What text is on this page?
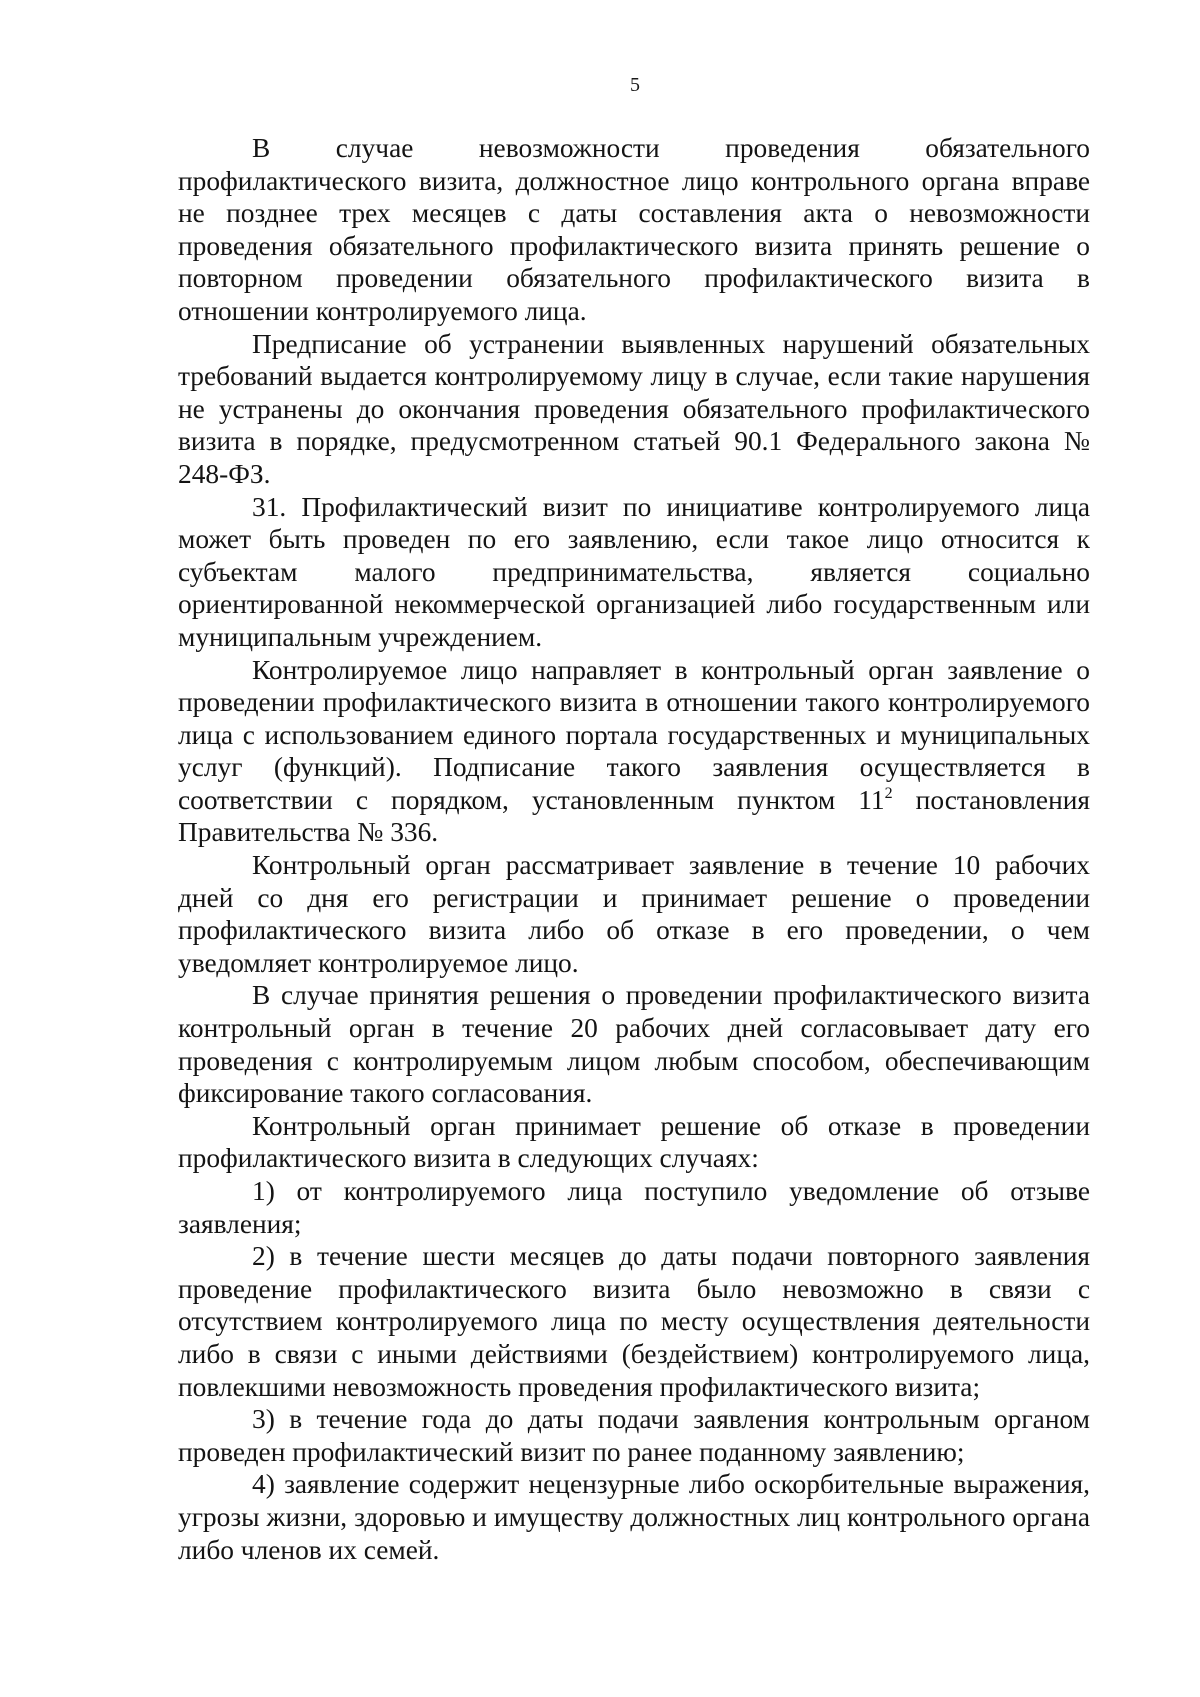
5

В случае невозможности проведения обязательного профилактического визита, должностное лицо контрольного органа вправе не позднее трех месяцев с даты составления акта о невозможности проведения обязательного профилактического визита принять решение о повторном проведении обязательного профилактического визита в отношении контролируемого лица.

Предписание об устранении выявленных нарушений обязательных требований выдается контролируемому лицу в случае, если такие нарушения не устранены до окончания проведения обязательного профилактического визита в порядке, предусмотренном статьей 90.1 Федерального закона № 248-ФЗ.

31. Профилактический визит по инициативе контролируемого лица может быть проведен по его заявлению, если такое лицо относится к субъектам малого предпринимательства, является социально ориентированной некоммерческой организацией либо государственным или муниципальным учреждением.

Контролируемое лицо направляет в контрольный орган заявление о проведении профилактического визита в отношении такого контролируемого лица с использованием единого портала государственных и муниципальных услуг (функций). Подписание такого заявления осуществляется в соответствии с порядком, установленным пунктом $11^2$ постановления Правительства № 336.

Контрольный орган рассматривает заявление в течение 10 рабочих дней со дня его регистрации и принимает решение о проведении профилактического визита либо об отказе в его проведении, о чем уведомляет контролируемое лицо.

В случае принятия решения о проведении профилактического визита контрольный орган в течение 20 рабочих дней согласовывает дату его проведения с контролируемым лицом любым способом, обеспечивающим фиксирование такого согласования.

Контрольный орган принимает решение об отказе в проведении профилактического визита в следующих случаях:

1) от контролируемого лица поступило уведомление об отзыве заявления;

2) в течение шести месяцев до даты подачи повторного заявления проведение профилактического визита было невозможно в связи с отсутствием контролируемого лица по месту осуществления деятельности либо в связи с иными действиями (бездействием) контролируемого лица, повлекшими невозможность проведения профилактического визита;

3) в течение года до даты подачи заявления контрольным органом проведен профилактический визит по ранее поданному заявлению;

4) заявление содержит нецензурные либо оскорбительные выражения, угрозы жизни, здоровью и имуществу должностных лиц контрольного органа либо членов их семей.
